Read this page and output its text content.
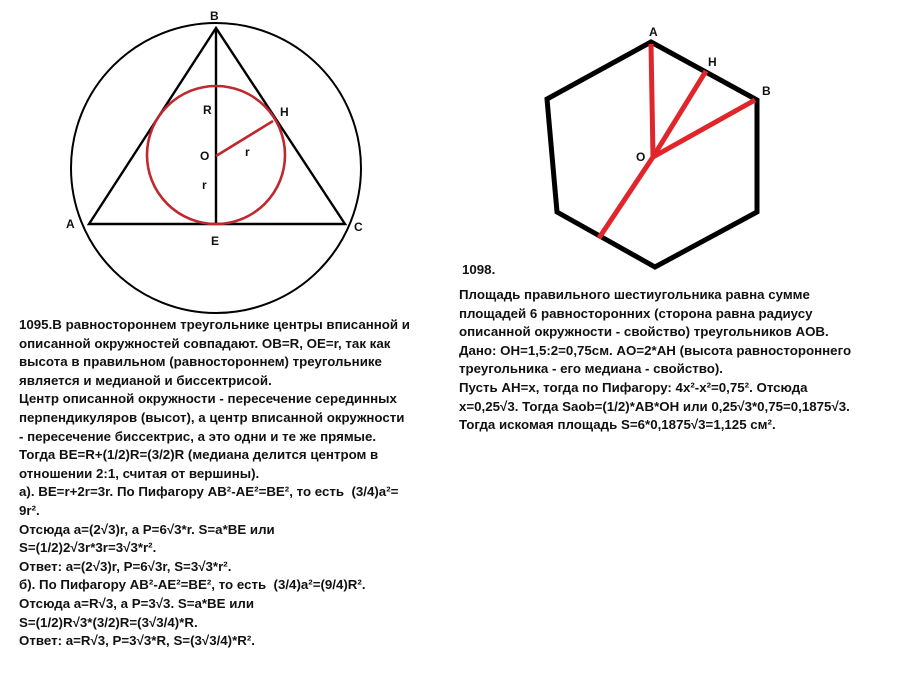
B
A	C
E
O
H
R
r
r
A
H
B
O
1098.
1095.В равностороннем треугольнике центры вписанной и
описанной окружностей совпадают. OB=R, OE=r, так как
высота в правильном (равностороннем) треугольнике
является и медианой и биссектрисой.
Центр описанной окружности - пересечение серединных
перпендикуляров (высот), а центр вписанной окружности
- пересечение биссектрис, а это одни и те же прямые.
Тогда BE=R+(1/2)R=(3/2)R (медиана делится центром в
отношении 2:1, считая от вершины).
а). BE=r+2r=3r. По Пифагору AB²-AE²=BE², то есть  (3/4)a²=
9r².
Отсюда a=(2√3)r, а P=6√3*r. S=a*BE или
S=(1/2)2√3r*3r=3√3*r².
Ответ: a=(2√3)r, P=6√3r, S=3√3*r².
б). По Пифагору AB²-AE²=BE², то есть  (3/4)a²=(9/4)R².
Отсюда a=R√3, а P=3√3. S=a*BE или
S=(1/2)R√3*(3/2)R=(3√3/4)*R.
Ответ: a=R√3, P=3√3*R, S=(3√3/4)*R².
Площадь правильного шестиугольника равна сумме
площадей 6 равносторонних (сторона равна радиусу
описанной окружности - свойство) треугольников AOB.
Дано: OH=1,5:2=0,75см. AO=2*AH (высота равностороннего
треугольника - его медиана - свойство).
Пусть AH=x, тогда по Пифагору: 4x²-x²=0,75². Отсюда
x=0,25√3. Тогда Saob=(1/2)*AB*OH или 0,25√3*0,75=0,1875√3.
Тогда искомая площадь S=6*0,1875√3=1,125 см².
